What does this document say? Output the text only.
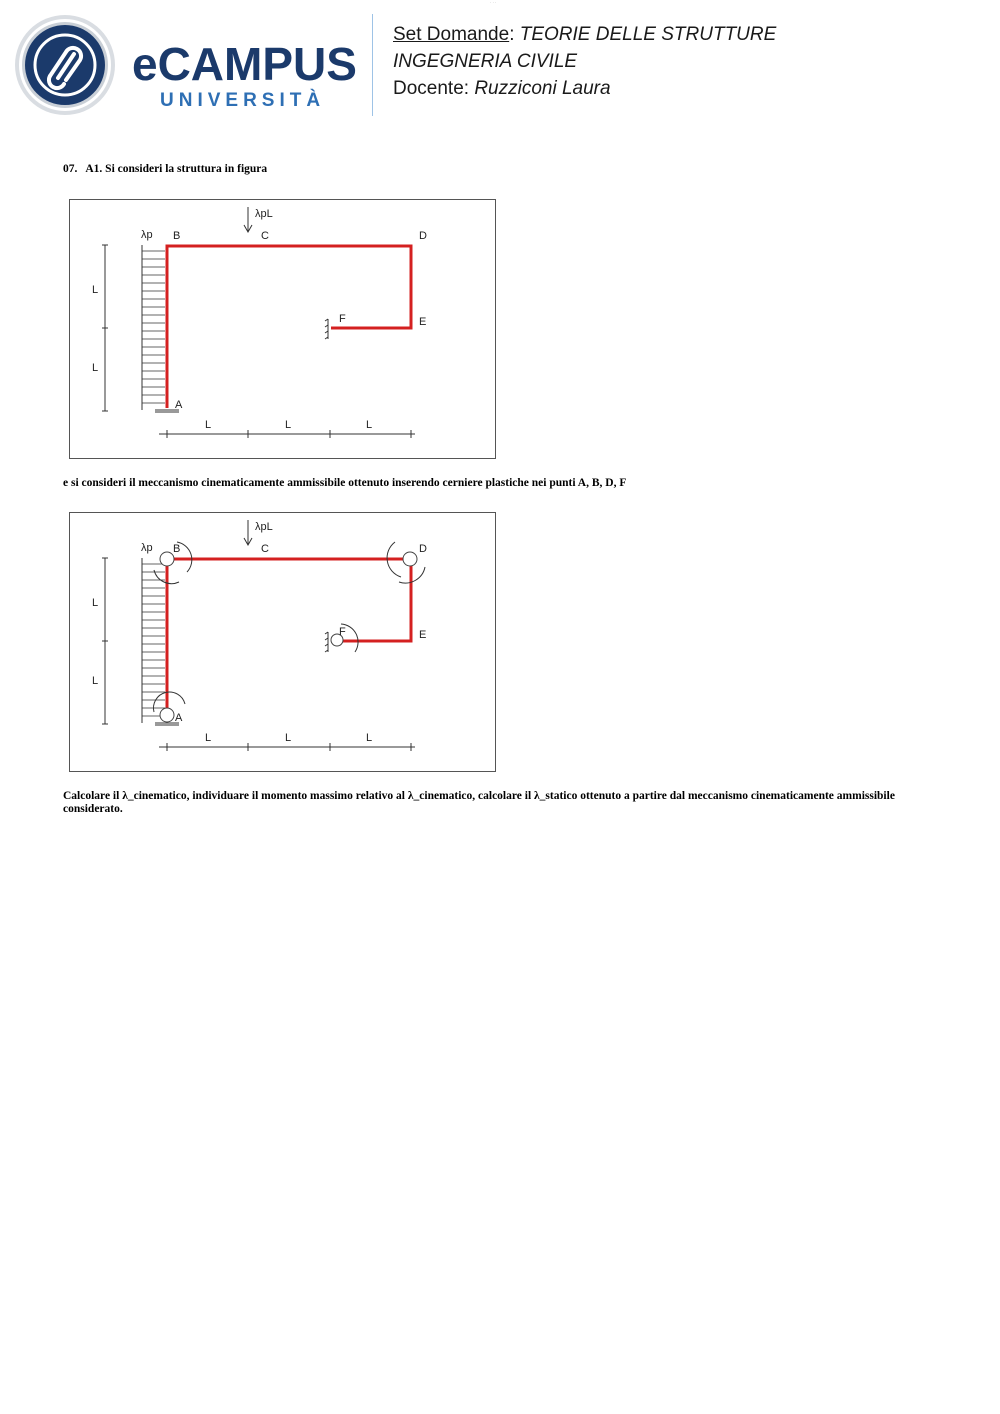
· · ·
eCAMPUS
UNIVERSITÀ
Set Domande: TEORIE DELLE STRUTTURE
INGEGNERIA CIVILE
Docente: Ruzziconi Laura
07. A1. Si consideri la struttura in figura
λp
λpL
B	C	D
E
F
A
L
L
L	L	L
e si consideri il meccanismo cinematicamente ammissibile ottenuto inserendo cerniere plastiche nei punti A, B, D, F
λp
λpL
B	C	D
E
F
A
L
L
L	L	L
Calcolare il λ_cinematico, individuare il momento massimo relativo al λ_cinematico, calcolare il λ_statico ottenuto a partire dal meccanismo cinematicamente ammissibile considerato.
